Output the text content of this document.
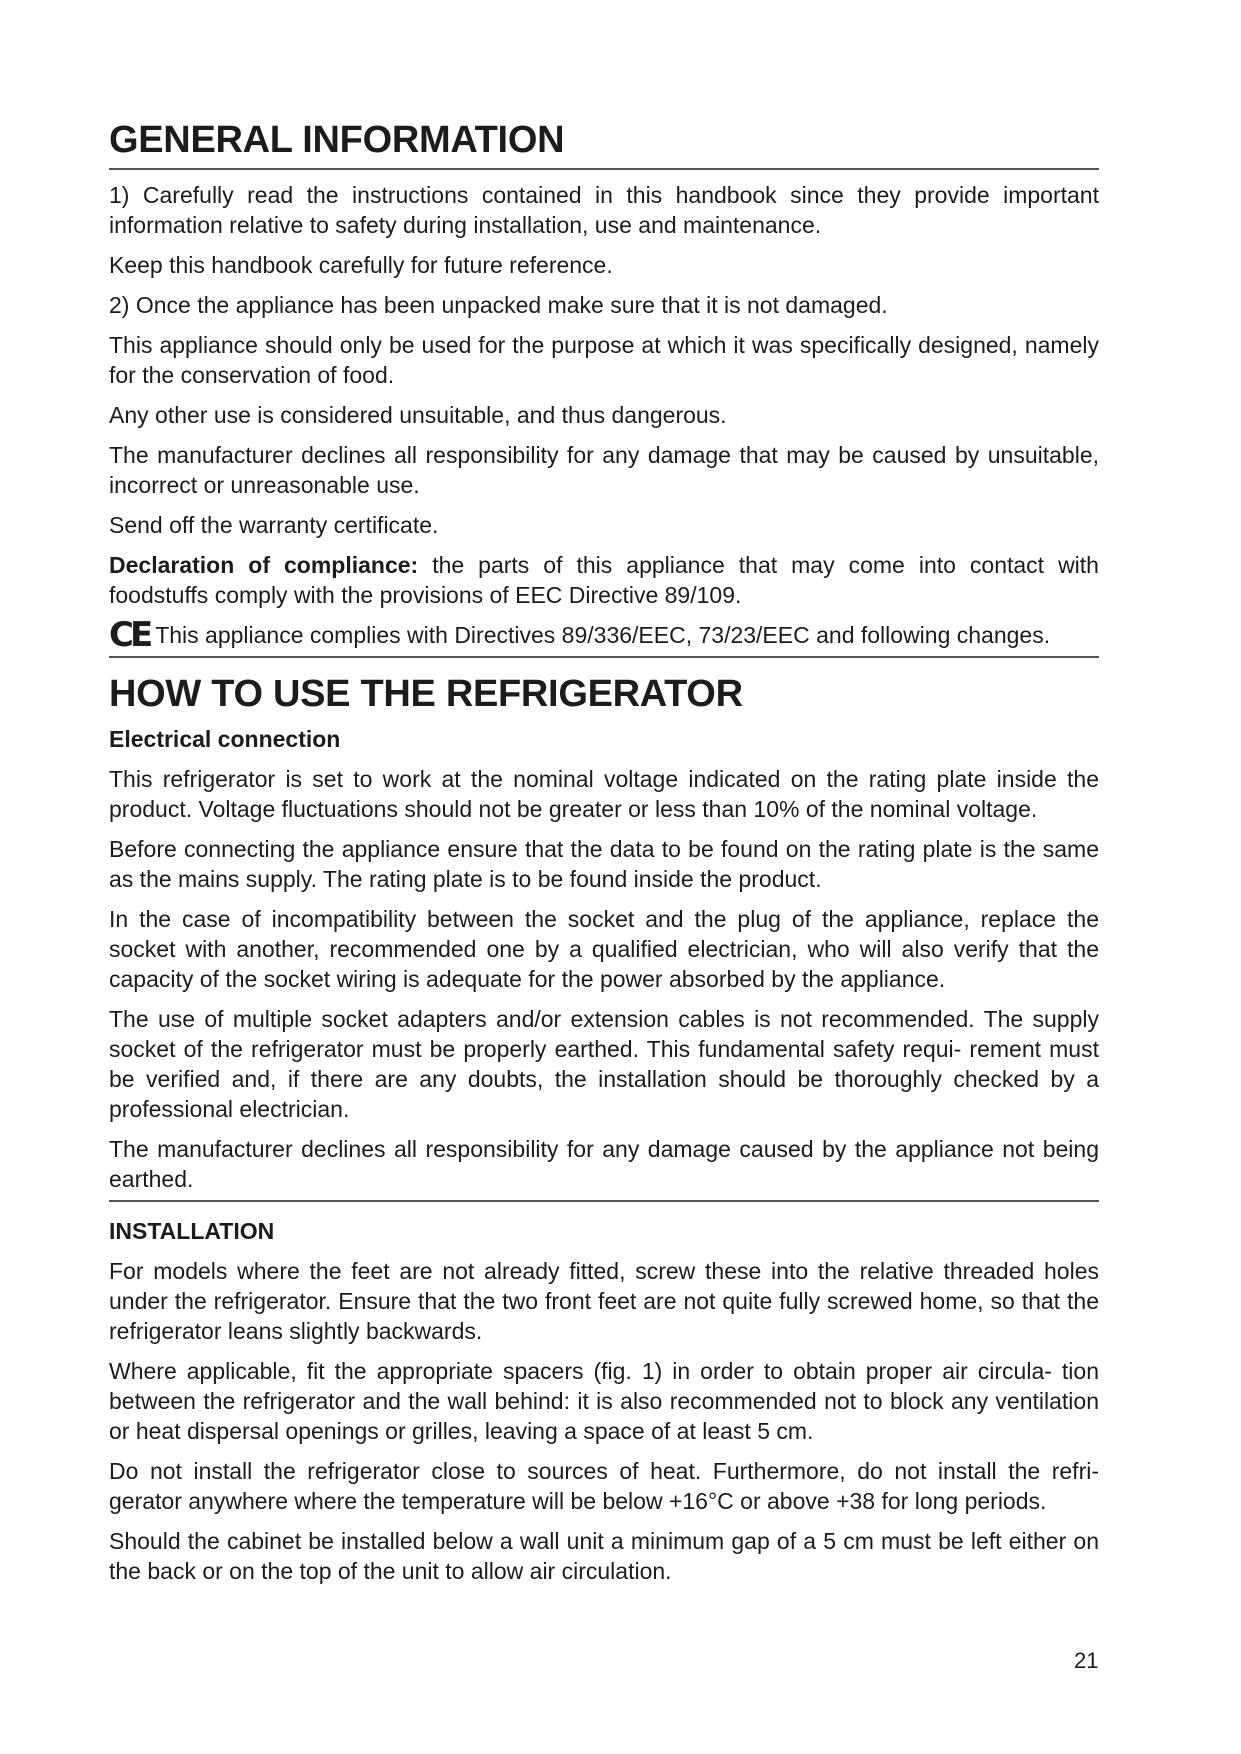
GENERAL INFORMATION

1) Carefully read the instructions contained in this handbook since they provide important information relative to safety during installation, use and maintenance.

Keep this handbook carefully for future reference.

2) Once the appliance has been unpacked make sure that it is not damaged.

This appliance should only be used for the purpose at which it was specifically designed, namely for the conservation of food.

Any other use is considered unsuitable, and thus dangerous.

The manufacturer declines all responsibility for any damage that may be caused by unsuitable, incorrect or unreasonable use.

Send off the warranty certificate.

Declaration of compliance: the parts of this appliance that may come into contact with foodstuffs comply with the provisions of EEC Directive 89/109.

CE This appliance complies with Directives 89/336/EEC, 73/23/EEC and following changes.

HOW TO USE THE REFRIGERATOR
Electrical connection

This refrigerator is set to work at the nominal voltage indicated on the rating plate inside the product. Voltage fluctuations should not be greater or less than 10% of the nominal voltage.

Before connecting the appliance ensure that the data to be found on the rating plate is the same as the mains supply. The rating plate is to be found inside the product.

In the case of incompatibility between the socket and the plug of the appliance, replace the socket with another, recommended one by a qualified electrician, who will also verify that the capacity of the socket wiring is adequate for the power absorbed by the appliance.

The use of multiple socket adapters and/or extension cables is not recommended. The supply socket of the refrigerator must be properly earthed. This fundamental safety requi- rement must be verified and, if there are any doubts, the installation should be thoroughly checked by a professional electrician.

The manufacturer declines all responsibility for any damage caused by the appliance not being earthed.

INSTALLATION

For models where the feet are not already fitted, screw these into the relative threaded holes under the refrigerator. Ensure that the two front feet are not quite fully screwed home, so that the refrigerator leans slightly backwards.

Where applicable, fit the appropriate spacers (fig. 1) in order to obtain proper air circula- tion between the refrigerator and the wall behind: it is also recommended not to block any ventilation or heat dispersal openings or grilles, leaving a space of at least 5 cm.

Do not install the refrigerator close to sources of heat. Furthermore, do not install the refri- gerator anywhere where the temperature will be below +16°C or above +38 for long periods.

Should the cabinet be installed below a wall unit a minimum gap of a 5 cm must be left either on the back or on the top of the unit to allow air circulation.

21
